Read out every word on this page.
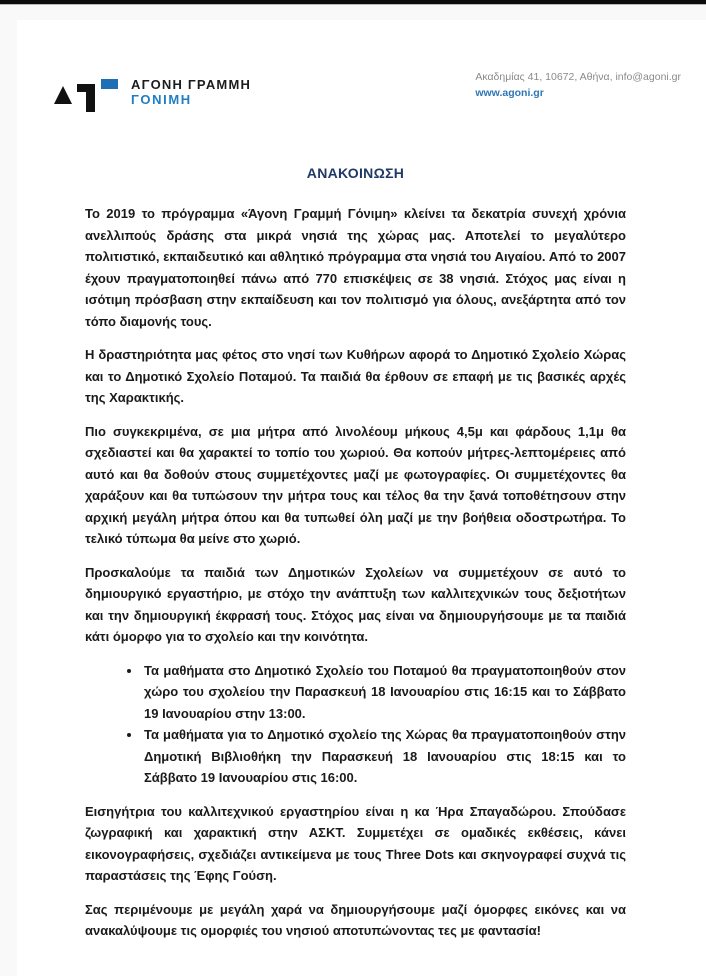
ΑΓΟΝΗ ΓΡΑΜΜΗ
ΓΟΝΙΜΗ
Ακαδημίας 41, 10672, Αθήνα, info@agoni.gr
www.agoni.gr
ΑΝΑΚΟΙΝΩΣΗ

Το 2019 το πρόγραμμα «Άγονη Γραμμή Γόνιμη» κλείνει τα δεκατρία συνεχή χρόνια ανελλιπούς δράσης στα μικρά νησιά της χώρας μας. Αποτελεί το μεγαλύτερο πολιτιστικό, εκπαιδευτικό και αθλητικό πρόγραμμα στα νησιά του Αιγαίου. Από το 2007 έχουν πραγματοποιηθεί πάνω από 770 επισκέψεις σε 38 νησιά. Στόχος μας είναι η ισότιμη πρόσβαση στην εκπαίδευση και τον πολιτισμό για όλους, ανεξάρτητα από τον τόπο διαμονής τους.

Η δραστηριότητα μας φέτος στο νησί των Κυθήρων αφορά το Δημοτικό Σχολείο Χώρας και το Δημοτικό Σχολείο Ποταμού. Τα παιδιά θα έρθουν σε επαφή με τις βασικές αρχές της Χαρακτικής.

Πιο συγκεκριμένα, σε μια μήτρα από λινολέουμ μήκους 4,5μ και φάρδους 1,1μ θα σχεδιαστεί και θα χαρακτεί το τοπίο του χωριού. Θα κοπούν μήτρες-λεπτομέρειες από αυτό και θα δοθούν στους συμμετέχοντες μαζί με φωτογραφίες. Οι συμμετέχοντες θα χαράξουν και θα τυπώσουν την μήτρα τους και τέλος θα την ξανά τοποθέτησουν στην αρχική μεγάλη μήτρα όπου και θα τυπωθεί όλη μαζί με την βοήθεια οδοστρωτήρα. Το τελικό τύπωμα θα μείνε στο χωριό.

Προσκαλούμε τα παιδιά των Δημοτικών Σχολείων να συμμετέχουν σε αυτό το δημιουργικό εργαστήριο, με στόχο την ανάπτυξη των καλλιτεχνικών τους δεξιοτήτων και την δημιουργική έκφρασή τους. Στόχος μας είναι να δημιουργήσουμε με τα παιδιά κάτι όμορφο για το σχολείο και την κοινότητα.

• Τα μαθήματα στο Δημοτικό Σχολείο του Ποταμού θα πραγματοποιηθούν στον χώρο του σχολείου την Παρασκευή 18 Ιανουαρίου στις 16:15 και το Σάββατο 19 Ιανουαρίου στην 13:00.
• Τα μαθήματα για το Δημοτικό σχολείο της Χώρας θα πραγματοποιηθούν στην Δημοτική Βιβλιοθήκη την Παρασκευή 18 Ιανουαρίου στις 18:15 και το Σάββατο 19 Ιανουαρίου στις 16:00.

Εισηγήτρια του καλλιτεχνικού εργαστηρίου είναι η κα Ήρα Σπαγαδώρου. Σπούδασε ζωγραφική και χαρακτική στην ΑΣΚΤ. Συμμετέχει σε ομαδικές εκθέσεις, κάνει εικονογραφήσεις, σχεδιάζει αντικείμενα με τους Three Dots και σκηνογραφεί συχνά τις παραστάσεις της Έφης Γούση.

Σας περιμένουμε με μεγάλη χαρά να δημιουργήσουμε μαζί όμορφες εικόνες και να ανακαλύψουμε τις ομορφιές του νησιού αποτυπώνοντας τες με φαντασία!
